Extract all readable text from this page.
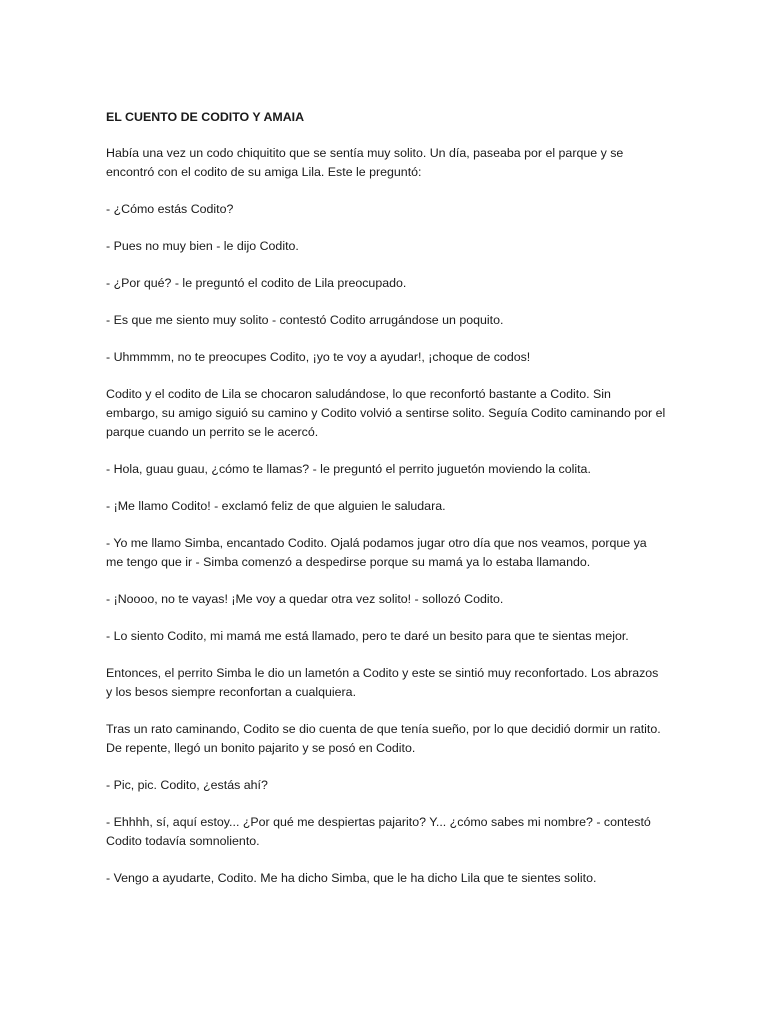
EL CUENTO DE CODITO Y AMAIA
Había una vez un codo chiquitito que se sentía muy solito. Un día, paseaba por el parque y se encontró con el codito de su amiga Lila. Este le preguntó:
- ¿Cómo estás Codito?
- Pues no muy bien - le dijo Codito.
- ¿Por qué? - le preguntó el codito de Lila preocupado.
- Es que me siento muy solito - contestó Codito arrugándose un poquito.
- Uhmmmm, no te preocupes Codito, ¡yo te voy a ayudar!, ¡choque de codos!
Codito y el codito de Lila se chocaron saludándose, lo que reconfortó bastante a Codito. Sin embargo, su amigo siguió su camino y Codito volvió a sentirse solito. Seguía Codito caminando por el parque cuando un perrito se le acercó.
- Hola, guau guau, ¿cómo te llamas? - le preguntó el perrito juguetón moviendo la colita.
- ¡Me llamo Codito! - exclamó feliz de que alguien le saludara.
- Yo me llamo Simba, encantado Codito. Ojalá podamos jugar otro día que nos veamos, porque ya me tengo que ir - Simba comenzó a despedirse porque su mamá ya lo estaba llamando.
- ¡Noooo, no te vayas! ¡Me voy a quedar otra vez solito! - sollozó Codito.
- Lo siento Codito, mi mamá me está llamado, pero te daré un besito para que te sientas mejor.
Entonces, el perrito Simba le dio un lametón a Codito y este se sintió muy reconfortado. Los abrazos y los besos siempre reconfortan a cualquiera.
Tras un rato caminando, Codito se dio cuenta de que tenía sueño, por lo que decidió dormir un ratito. De repente, llegó un bonito pajarito y se posó en Codito.
- Pic, pic. Codito, ¿estás ahí?
- Ehhhh, sí, aquí estoy... ¿Por qué me despiertas pajarito? Y... ¿cómo sabes mi nombre? - contestó Codito todavía somnoliento.
- Vengo a ayudarte, Codito. Me ha dicho Simba, que le ha dicho Lila que te sientes solito.
